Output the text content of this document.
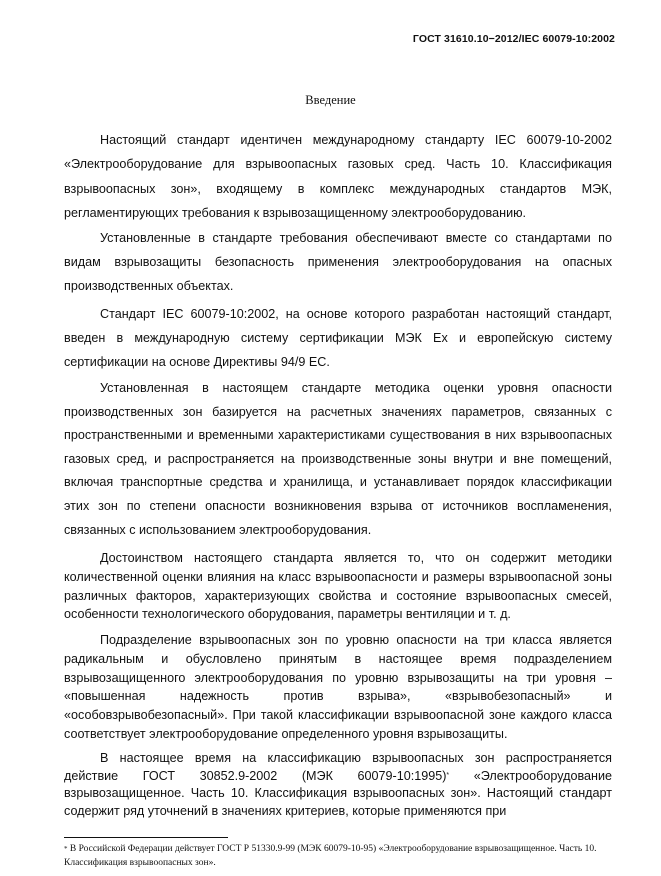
ГОСТ 31610.10−2012/IEC 60079-10:2002
Введение
Настоящий стандарт идентичен международному стандарту IEC 60079-10-2002 «Электрооборудование для взрывоопасных газовых сред. Часть 10. Классификация взрывоопасных зон», входящему в комплекс международных стандартов МЭК, регламентирующих требования к взрывозащищенному электрооборудованию.
Установленные в стандарте требования обеспечивают вместе со стандартами по видам взрывозащиты безопасность применения электрооборудования на опасных производственных объектах.
Стандарт IEC 60079-10:2002, на основе которого разработан настоящий стандарт, введен в международную систему сертификации МЭК Ex и европейскую систему сертификации на основе Директивы 94/9 ЕС.
Установленная в настоящем стандарте методика оценки уровня опасности производственных зон базируется на расчетных значениях параметров, связанных с пространственными и временными характеристиками существования в них взрывоопасных газовых сред, и распространяется на производственные зоны внутри и вне помещений, включая транспортные средства и хранилища, и устанавливает порядок классификации этих зон по степени опасности возникновения взрыва от источников воспламенения, связанных с использованием электрооборудования.
Достоинством настоящего стандарта является то, что он содержит методики количественной оценки влияния на класс взрывоопасности и размеры взрывоопасной зоны различных факторов, характеризующих свойства и состояние взрывоопасных смесей, особенности технологического оборудования, параметры вентиляции и т. д.
Подразделение взрывоопасных зон по уровню опасности на три класса является радикальным и обусловлено принятым в настоящее время подразделением взрывозащищенного электрооборудования по уровню взрывозащиты на три уровня – «повышенная надежность против взрыва», «взрывобезопасный» и «особовзрывобезопасный». При такой классификации взрывоопасной зоне каждого класса соответствует электрооборудование определенного уровня взрывозащиты.
В настоящее время на классификацию взрывоопасных зон распространяется действие ГОСТ 30852.9-2002 (МЭК 60079-10:1995)* «Электрооборудование взрывозащищенное. Часть 10. Классификация взрывоопасных зон». Настоящий стандарт содержит ряд уточнений в значениях критериев, которые применяются при
* В Российской Федерации действует ГОСТ Р 51330.9-99 (МЭК 60079-10-95) «Электрооборудование взрывозащищенное. Часть 10. Классификация взрывоопасных зон».
